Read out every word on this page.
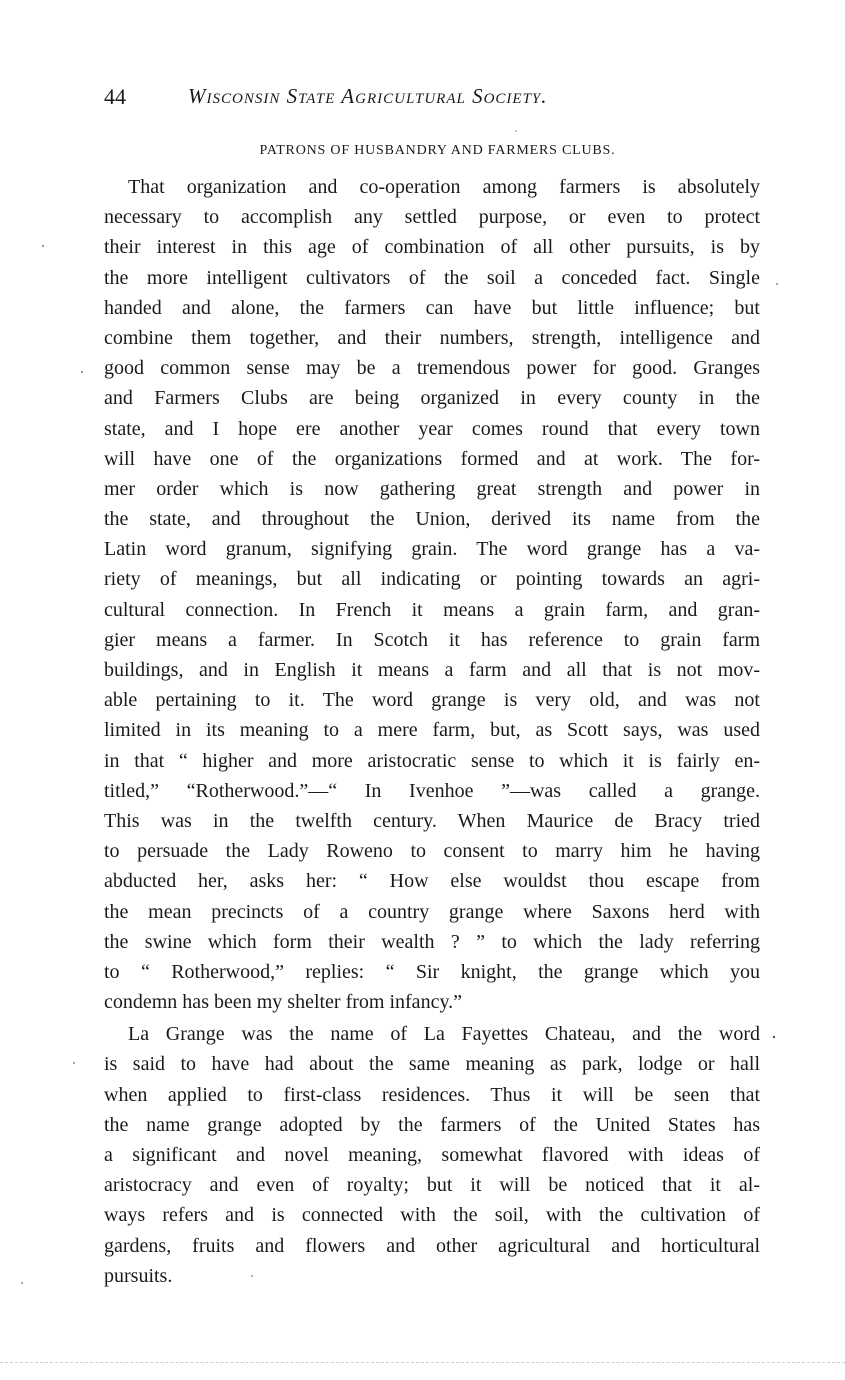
44	Wisconsin State Agricultural Society.
PATRONS OF HUSBANDRY AND FARMERS CLUBS.
That organization and co-operation among farmers is absolutely
necessary to accomplish any settled purpose, or even to protect
their interest in this age of combination of all other pursuits, is by
the more intelligent cultivators of the soil a conceded fact. Single
handed and alone, the farmers can have but little influence; but
combine them together, and their numbers, strength, intelligence and
good common sense may be a tremendous power for good. Granges
and Farmers Clubs are being organized in every county in the
state, and I hope ere another year comes round that every town
will have one of the organizations formed and at work. The for-
mer order which is now gathering great strength and power in
the state, and throughout the Union, derived its name from the
Latin word granum, signifying grain. The word grange has a va-
riety of meanings, but all indicating or pointing towards an agri-
cultural connection. In French it means a grain farm, and gran-
gier means a farmer. In Scotch it has reference to grain farm
buildings, and in English it means a farm and all that is not mov-
able pertaining to it. The word grange is very old, and was not
limited in its meaning to a mere farm, but, as Scott says, was used
in that “ higher and more aristocratic sense to which it is fairly en-
titled,” “Rotherwood.”—“ In Ivenhoe ”—was called a grange.
This was in the twelfth century. When Maurice de Bracy tried
to persuade the Lady Roweno to consent to marry him he having
abducted her, asks her: “ How else wouldst thou escape from
the mean precincts of a country grange where Saxons herd with
the swine which form their wealth ? ” to which the lady referring
to “ Rotherwood,” replies: “ Sir knight, the grange which you
condemn has been my shelter from infancy.”
La Grange was the name of La Fayettes Chateau, and the word
is said to have had about the same meaning as park, lodge or hall
when applied to first-class residences. Thus it will be seen that
the name grange adopted by the farmers of the United States has
a significant and novel meaning, somewhat flavored with ideas of
aristocracy and even of royalty; but it will be noticed that it al-
ways refers and is connected with the soil, with the cultivation of
gardens, fruits and flowers and other agricultural and horticultural
pursuits.
